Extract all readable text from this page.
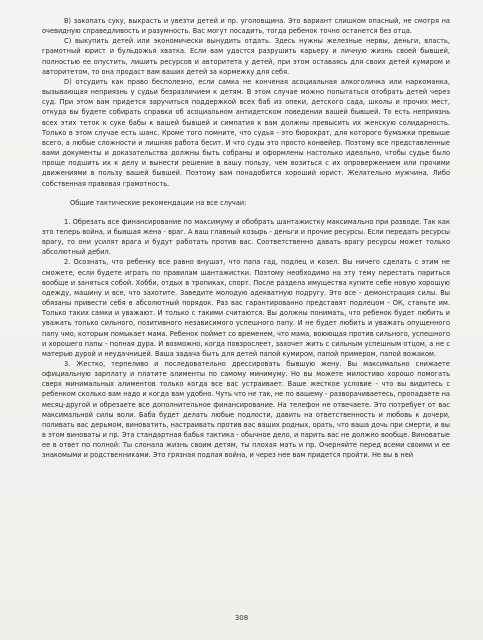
B) закопать суку, выкрасть и увезти детей и пр. уголовщина. Это вариант слишком опасный, не смотря на очевидную справедливость и разумность. Вас могут посадить, тогда ребенок точно останется без отца.

C) выкупить детей или экономически вынудить отдать. Здесь нужны железные нервы, деньги, власть, грамотный юрист и бульдожья хватка. Если вам удастся разрушить карьеру и личную жизнь своей бывшей, полностью ее опустить, лишить ресурсов и авторитета у детей, при этом оставаясь для своих детей кумиром и авторитетом, то она продаст вам ваших детей за кормежку для себя.

D) отсудить как право бесполезно, если самка не конченая асоциальная алкоголичка или наркоманка, вызывающая неприязнь у судьи безразличием к детям. В этом случае можно попытаться отобрать детей через суд. При этом вам придется заручиться поддержкой всех баб из опеки, детского сада, школы и прочих мест, откуда вы будете собирать справки об асоциальном антидетском поведении вашей бывшей. То есть неприязнь всех этих теток к суке бабы к вашей бывшей и симпатия к вам должны превысить их женскую солидарность. Только в этом случае есть шанс. Кроме того помните, что судья - это бюрократ, для которого бумажки превыше всего, а любые сложности и лишняя работа бесит. И что суды это просто конвейер. Поэтому все представленные вами документы и доказательства должны быть собраны и оформлены настолько идеально, чтобы судье было проще подшить их к делу и вынести решение в вашу пользу, чем возиться с их опровержением или прочими движениями в пользу вашей бывшей. Поэтому вам понадобится хороший юрист. Желательно мужчина. Либо собственная правовая грамотность.

Общие тактические рекомендации на все случаи:

1. Обрезать все финансирование по максимуму и обобрать шантажистку максимально при разводе. Так как это теперь война, и бывшая жена - враг. А ваш главный козырь - деньги и прочие ресурсы. Если передать ресурсы врагу, то они усилят врага и будут работать против вас. Соответственно давать врагу ресурсы может только абсолютный дебил.

2. Осознать, что ребенку все равно внушат, что папа гад, подлец и козел. Вы ничего сделать с этим не сможете, если будете играть по правилам шантажистки. Поэтому необходимо на эту тему перестать париться вообще и заняться собой. Хобби, отдых в тропиках, спорт. После раздела имущества купите себе новую хорошую одежду, машину и все, что захотите. Заведите молодую адекватную подругу. Это все - демонстрация силы. Вы обязаны привести себя в абсолютный порядок. Раз вас гарантированно представят подлецом - ОК, станьте им. Только таких самки и уважают. И только с такими считаются. Вы должны понимать, что ребенок будет любить и уважать только сильного, позитивного независимого успешного папу. И не будет любить и уважать опущенного папу чмо, которым помыкает мама. Ребенок поймет со временем, что мама, воюющая против сильного, успешного и хорошего папы - полная дура. И возможно, когда повзрослеет, захочет жить с сильным успешным отцом, а не с матерью дурой и неудачницей. Ваша задача быть для детей папой кумиром, папой примером, папой вожаком.

3. Жестко, терпеливо и последовательно дрессировать бывшую жену. Вы максимально снижаете официальную зарплату и платите алименты по самому минимуму. Но вы можете милостиво хорошо помогать сверх минимальных алиментов только когда все вас устраивает. Ваше жесткое условие - что вы видитесь с ребенком сколько вам надо и когда вам удобно. Чуть что не так, не по вашему - разворачиваетесь, пропадаете на месяц-другой и обрезаете все дополнительное финансирование. На телефон не отвечаете. Это потребует от вас максимальной силы воли. Баба будет делать любые подлости, давить на ответственность и любовь к дочери, поливать вас дерьмом, виноватить, настраивать против вас ваших родных, орать, что ваша дочь при смерти, и вы в этом виноваты и пр. Эта стандартная бабья тактика - обычное дело, и парить вас не должно вообще. Виноватые ее в ответ по полной: Ты слонала жизнь своим детям, ты плохая мать и пр. Очерняйте перед всеми своими и ее знакомыми и родственниками. Это грязная подлая война, и через нее вам придется пройти. Не вы в ней

308
